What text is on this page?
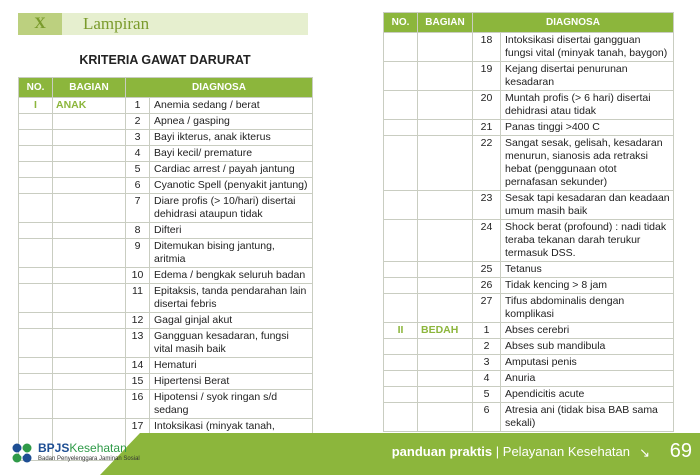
X	Lampiran
KRITERIA GAWAT DARURAT
NO.	BAGIAN	DIAGNOSA	
I	ANAK	1	Anemia sedang / berat
		2	Apnea / gasping
		3	Bayi ikterus, anak ikterus
		4	Bayi kecil/ premature
		5	Cardiac arrest / payah jantung
		6	Cyanotic Spell (penyakit jantung)
		7	Diare profis (> 10/hari) disertai dehidrasi ataupun tidak
		8	Difteri
		9	Ditemukan bising jantung, aritmia
		10	Edema / bengkak seluruh badan
		11	Epitaksis, tanda pendarahan lain disertai febris
		12	Gagal ginjal akut
		13	Gangguan kesadaran, fungsi vital masih baik
		14	Hematuri
		15	Hipertensi Berat
		16	Hipotensi / syok ringan s/d sedang
		17	Intoksikasi (minyak tanah,
NO.	BAGIAN	DIAGNOSA	
		18	Intoksikasi disertai gangguan fungsi vital (minyak tanah, baygon)
		19	Kejang disertai penurunan kesadaran
		20	Muntah profis (> 6 hari) disertai dehidrasi atau tidak
		21	Panas tinggi >400 C
		22	Sangat sesak, gelisah, kesadaran menurun, sianosis ada retraksi hebat (penggunaan otot pernafasan sekunder)
		23	Sesak tapi kesadaran dan keadaan umum masih baik
		24	Shock berat (profound) : nadi tidak teraba tekanan darah terukur termasuk DSS.
		25	Tetanus
		26	Tidak kencing > 8 jam
		27	Tifus abdominalis dengan komplikasi
II	BEDAH	1	Abses cerebri
		2	Abses sub mandibula
		3	Amputasi penis
		4	Anuria
		5	Apendicitis acute
		6	Atresia ani (tidak bisa BAB sama sekali)
BPJSKesehatan
Badan Penyelenggara Jaminan Sosial	panduan praktis | Pelayanan Kesehatan ↘ 69
